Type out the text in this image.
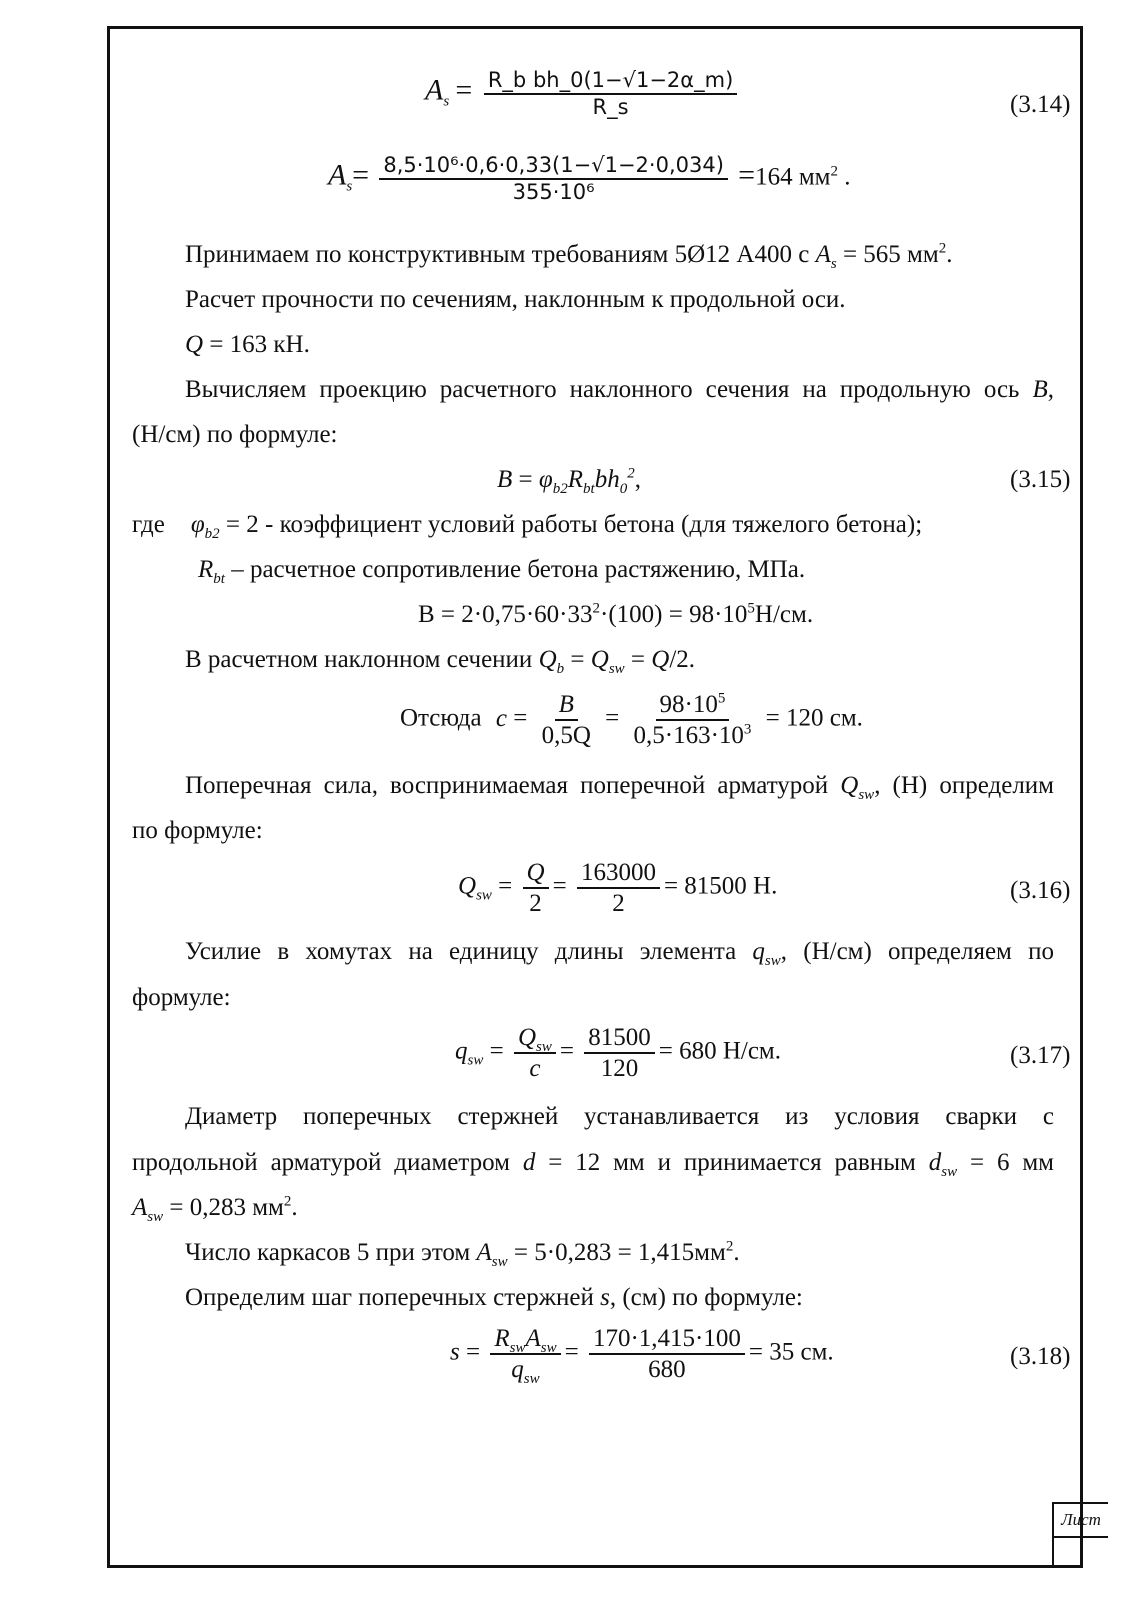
$A_s = \frac{\text{R\_b bh\_0(1−√1−2α\_m)}}{R\_s}$	(3.14)
$A_s= \frac{\text{8,5·10⁶·0,6·0,33(1−√1−2·0,034)}}{\text{355·10⁶}} =164$ $мм^2$ .
Принимаем по конструктивным требованиям 5Ø12 А400 с $A_s = 565$ $мм^2$.
Расчет прочности по сечениям, наклонным к продольной оси.
Q = 163 кН.
Вычисляем проекцию расчетного наклонного сечения на продольную ось B,
(Н/см) по формуле:
$B = \varphi_{b2}R_{bt}bh_0^2$,	(3.15)
где $\varphi_{b2} = 2$ - коэффициент условий работы бетона (для тяжелого бетона);
$R_{bt}$ – расчетное сопротивление бетона растяжению, МПа.
$B = 2\cdot 0,75\cdot 60\cdot 33^2\cdot(100) = 98\cdot 10^5Н/см$.
В расчетном наклонном сечении $Q_b = Q_{sw} = Q/2$.
Отсюда $c = \frac{B}{0,5Q} = \frac{98\cdot 10^5}{0,5\cdot 163\cdot 10^3} = 120$ см.
Поперечная сила, воспринимаемая поперечной арматурой $Q_{sw}$, (Н) определим
по формуле:
$Q_{sw} = \frac{Q}{2} = \frac{163000}{2} = 81500$ Н.	(3.16)
Усилие в хомутах на единицу длины элемента $q_{sw}$, (Н/см) определяем по
формуле:
$q_{sw} = \frac{Q_{sw}}{c} = \frac{81500}{120} = 680$ Н/см.	(3.17)
Диаметр поперечных стержней устанавливается из условия сварки с
продольной арматурой диаметром d = 12 мм и принимается равным $d_{sw} = 6$ мм
$A_{sw} = 0,283$ $мм^2$.
Число каркасов 5 при этом $A_{sw} = 5\cdot 0,283 = 1,415мм^2$.
Определим шаг поперечных стержней s, (см) по формуле:
$s = \frac{R_{sw}A_{sw}}{q_{sw}} = \frac{170\cdot 1,415\cdot 100}{680} = 35$ см.	(3.18)
Лист
